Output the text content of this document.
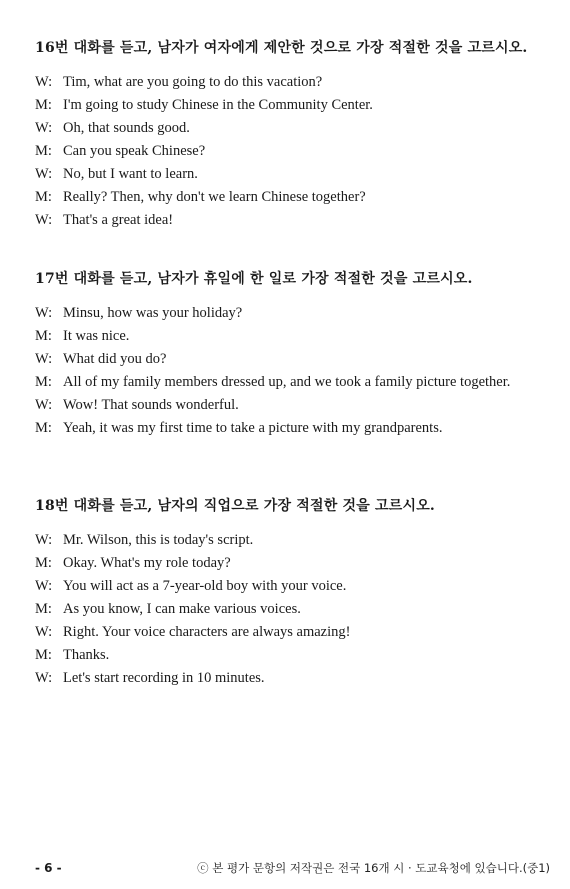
16번 대화를 듣고, 남자가 여자에게 제안한 것으로 가장 적절한 것을 고르시오.
W: Tim, what are you going to do this vacation?
M: I'm going to study Chinese in the Community Center.
W: Oh, that sounds good.
M: Can you speak Chinese?
W: No, but I want to learn.
M: Really? Then, why don't we learn Chinese together?
W: That's a great idea!
17번 대화를 듣고, 남자가 휴일에 한 일로 가장 적절한 것을 고르시오.
W: Minsu, how was your holiday?
M: It was nice.
W: What did you do?
M: All of my family members dressed up, and we took a family picture together.
W: Wow! That sounds wonderful.
M: Yeah, it was my first time to take a picture with my grandparents.
18번 대화를 듣고, 남자의 직업으로 가장 적절한 것을 고르시오.
W: Mr. Wilson, this is today's script.
M: Okay. What's my role today?
W: You will act as a 7-year-old boy with your voice.
M: As you know, I can make various voices.
W: Right. Your voice characters are always amazing!
M: Thanks.
W: Let's start recording in 10 minutes.
- 6 -	ⓒ 본 평가 문항의 저작권은 전국 16개 시 · 도교육청에 있습니다.(중1)
